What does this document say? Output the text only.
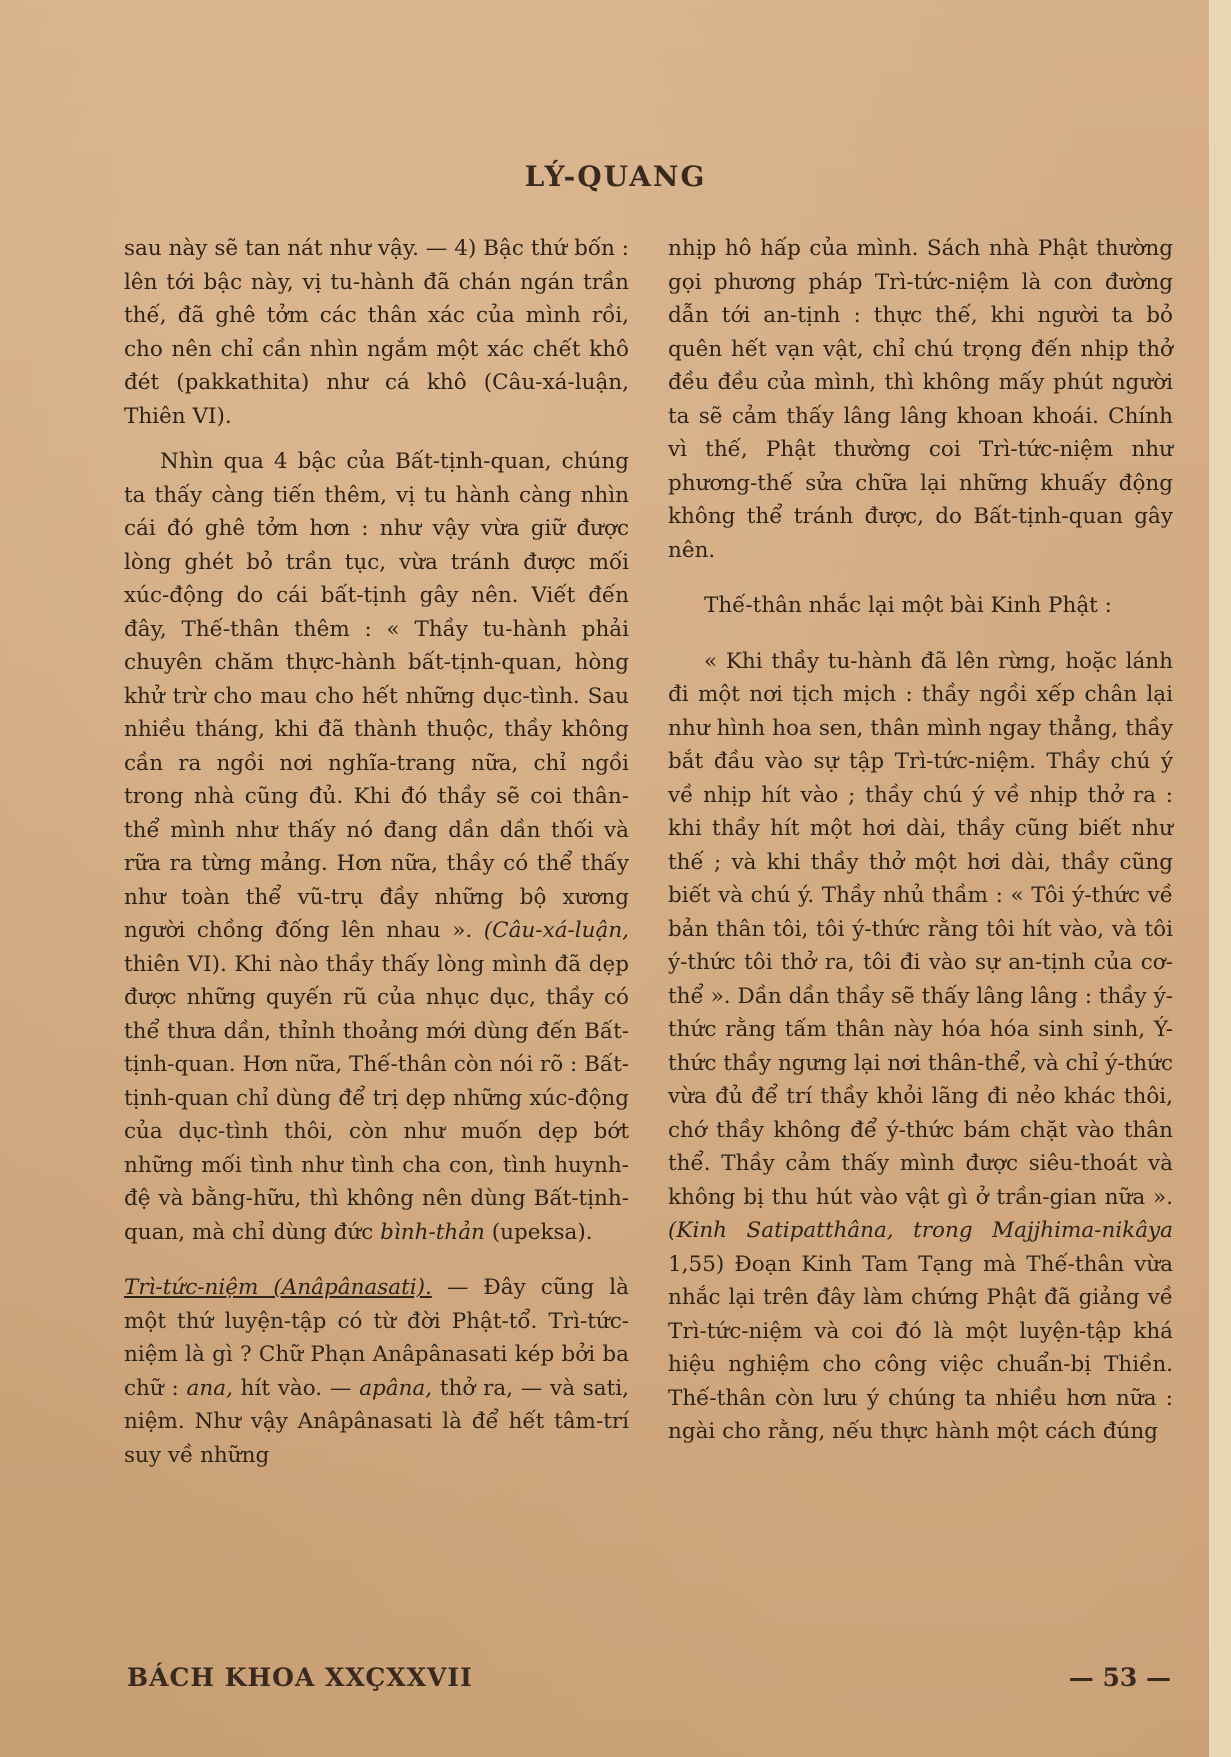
LÝ-QUANG

sau này sẽ tan nát như vậy. — 4) Bậc thứ bốn : lên tới bậc này, vị tu-hành đã chán ngán trần thế, đã ghê tởm các thân xác của mình rồi, cho nên chỉ cần nhìn ngắm một xác chết khô đét (pakkathita) như cá khô (Câu-xá-luận, Thiên VI).

Nhìn qua 4 bậc của Bất-tịnh-quan, chúng ta thấy càng tiến thêm, vị tu hành càng nhìn cái đó ghê tởm hơn : như vậy vừa giữ được lòng ghét bỏ trần tục, vừa tránh được mối xúc-động do cái bất-tịnh gây nên. Viết đến đây, Thế-thân thêm : « Thầy tu-hành phải chuyên chăm thực-hành bất-tịnh-quan, hòng khử trừ cho mau cho hết những dục-tình. Sau nhiều tháng, khi đã thành thuộc, thầy không cần ra ngồi nơi nghĩa-trang nữa, chỉ ngồi trong nhà cũng đủ. Khi đó thầy sẽ coi thân-thể mình như thấy nó đang dần dần thối và rữa ra từng mảng. Hơn nữa, thầy có thể thấy như toàn thể vũ-trụ đầy những bộ xương người chồng đống lên nhau ». (Câu-xá-luận, thiên VI). Khi nào thầy thấy lòng mình đã dẹp được những quyến rũ của nhục dục, thầy có thể thưa dần, thỉnh thoảng mới dùng đến Bất-tịnh-quan. Hơn nữa, Thế-thân còn nói rõ : Bất-tịnh-quan chỉ dùng để trị dẹp những xúc-động của dục-tình thôi, còn như muốn dẹp bớt những mối tình như tình cha con, tình huynh-đệ và bằng-hữu, thì không nên dùng Bất-tịnh-quan, mà chỉ dùng đức bình-thản (upeksa).

Trì-tức-niệm (Anâpânasati). — Đây cũng là một thứ luyện-tập có từ đời Phật-tổ. Trì-tức-niệm là gì ? Chữ Phạn Anâpânasati kép bởi ba chữ : ana, hít vào. — apâna, thở ra, — và sati, niệm. Như vậy Anâpânasati là để hết tâm-trí suy về những

nhịp hô hấp của mình. Sách nhà Phật thường gọi phương pháp Trì-tức-niệm là con đường dẫn tới an-tịnh : thực thế, khi người ta bỏ quên hết vạn vật, chỉ chú trọng đến nhịp thở đều đều của mình, thì không mấy phút người ta sẽ cảm thấy lâng lâng khoan khoái. Chính vì thế, Phật thường coi Trì-tức-niệm như phương-thế sửa chữa lại những khuấy động không thể tránh được, do Bất-tịnh-quan gây nên.

Thế-thân nhắc lại một bài Kinh Phật :

« Khi thầy tu-hành đã lên rừng, hoặc lánh đi một nơi tịch mịch : thầy ngồi xếp chân lại như hình hoa sen, thân mình ngay thẳng, thầy bắt đầu vào sự tập Trì-tức-niệm. Thầy chú ý về nhịp hít vào ; thầy chú ý về nhịp thở ra : khi thầy hít một hơi dài, thầy cũng biết như thế ; và khi thầy thở một hơi dài, thầy cũng biết và chú ý. Thầy nhủ thầm : « Tôi ý-thức về bản thân tôi, tôi ý-thức rằng tôi hít vào, và tôi ý-thức tôi thở ra, tôi đi vào sự an-tịnh của cơ-thể ». Dần dần thầy sẽ thấy lâng lâng : thầy ý-thức rằng tấm thân này hóa hóa sinh sinh, Ý-thức thầy ngưng lại nơi thân-thể, và chỉ ý-thức vừa đủ để trí thầy khỏi lãng đi nẻo khác thôi, chớ thầy không để ý-thức bám chặt vào thân thể. Thầy cảm thấy mình được siêu-thoát và không bị thu hút vào vật gì ở trần-gian nữa ». (Kinh Satipatthâna, trong Majjhima-nikâya 1,55) Đoạn Kinh Tam Tạng mà Thế-thân vừa nhắc lại trên đây làm chứng Phật đã giảng về Trì-tức-niệm và coi đó là một luyện-tập khá hiệu nghiệm cho công việc chuẩn-bị Thiền. Thế-thân còn lưu ý chúng ta nhiều hơn nữa : ngài cho rằng, nếu thực hành một cách đúng

BÁCH KHOA XXÇXXVII	— 53 —
